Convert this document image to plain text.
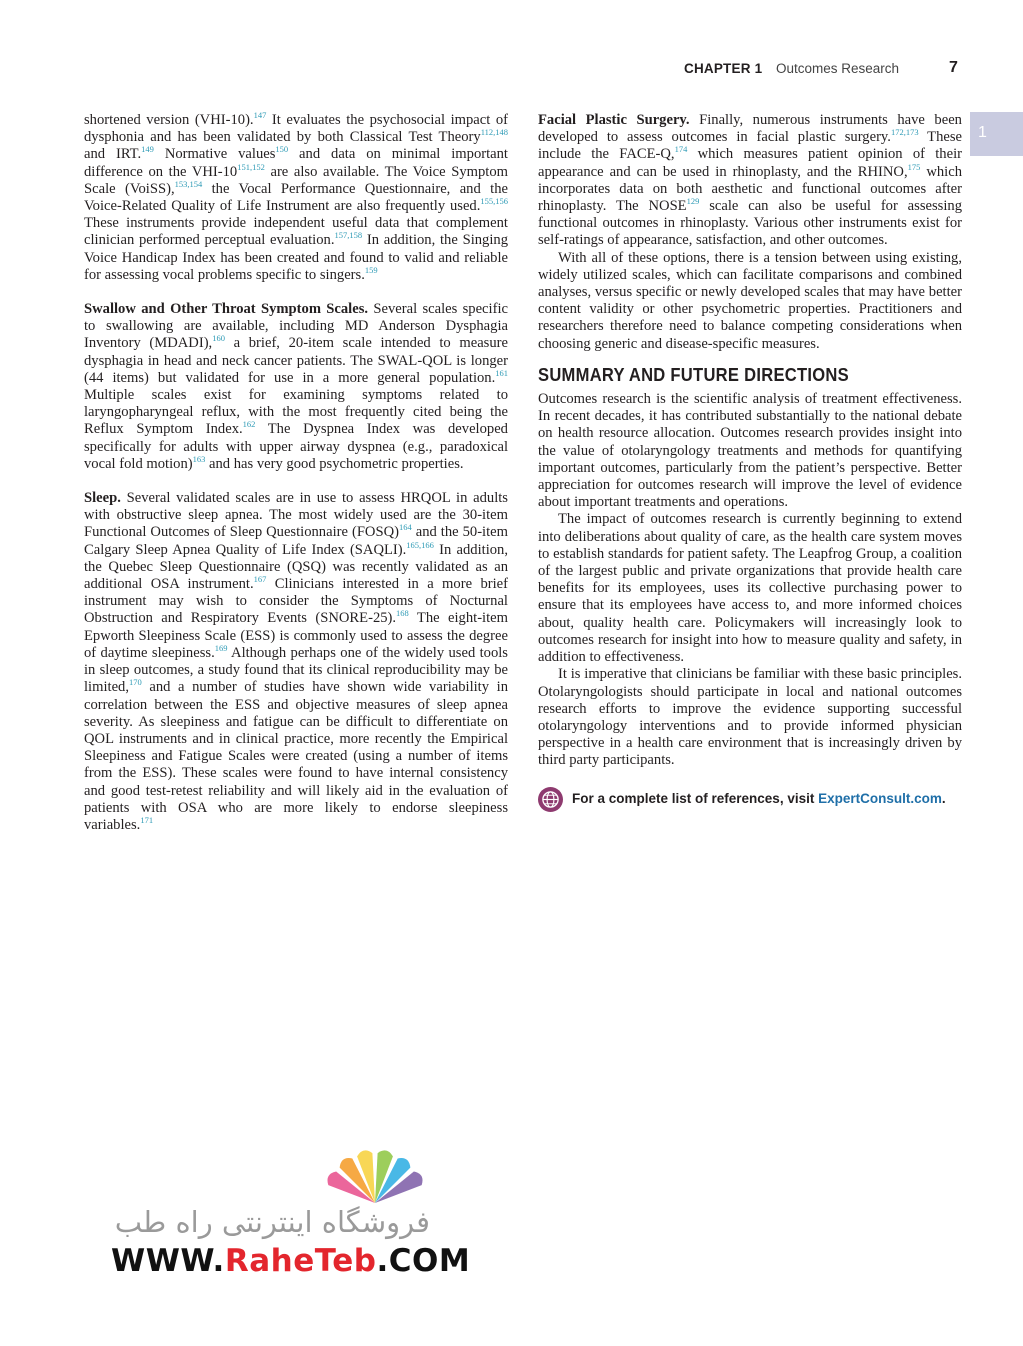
CHAPTER 1 Outcomes Research	7
1

shortened version (VHI-10).$^{147}$ It evaluates the psychosocial impact of dysphonia and has been validated by both Classical Test Theory$^{112,148}$ and IRT.$^{149}$ Normative values$^{150}$ and data on minimal important difference on the VHI-10$^{151,152}$ are also available. The Voice Symptom Scale (VoiSS),$^{153,154}$ the Vocal Performance Questionnaire, and the Voice-Related Quality of Life Instrument are also frequently used.$^{155,156}$ These instruments provide independent useful data that complement clinician performed perceptual evaluation.$^{157,158}$ In addition, the Singing Voice Handicap Index has been created and found to valid and reliable for assessing vocal problems specific to singers.$^{159}$

Swallow and Other Throat Symptom Scales. Several scales specific to swallowing are available, including MD Anderson Dysphagia Inventory (MDADI),$^{160}$ a brief, 20-item scale intended to measure dysphagia in head and neck cancer patients. The SWAL-QOL is longer (44 items) but validated for use in a more general population.$^{161}$ Multiple scales exist for examining symptoms related to laryngopharyngeal reflux, with the most frequently cited being the Reflux Symptom Index.$^{162}$ The Dyspnea Index was developed specifically for adults with upper airway dyspnea (e.g., paradoxical vocal fold motion)$^{163}$ and has very good psychometric properties.

Sleep. Several validated scales are in use to assess HRQOL in adults with obstructive sleep apnea. The most widely used are the 30-item Functional Outcomes of Sleep Questionnaire (FOSQ)$^{164}$ and the 50-item Calgary Sleep Apnea Quality of Life Index (SAQLI).$^{165,166}$ In addition, the Quebec Sleep Questionnaire (QSQ) was recently validated as an additional OSA instrument.$^{167}$ Clinicians interested in a more brief instrument may wish to consider the Symptoms of Nocturnal Obstruction and Respiratory Events (SNORE-25).$^{168}$ The eight-item Epworth Sleepiness Scale (ESS) is commonly used to assess the degree of daytime sleepiness.$^{169}$ Although perhaps one of the widely used tools in sleep outcomes, a study found that its clinical reproducibility may be limited,$^{170}$ and a number of studies have shown wide variability in correlation between the ESS and objective measures of sleep apnea severity. As sleepiness and fatigue can be difficult to differentiate on QOL instruments and in clinical practice, more recently the Empirical Sleepiness and Fatigue Scales were created (using a number of items from the ESS). These scales were found to have internal consistency and good test-retest reliability and will likely aid in the evaluation of patients with OSA who are more likely to endorse sleepiness variables.$^{171}$

Facial Plastic Surgery. Finally, numerous instruments have been developed to assess outcomes in facial plastic surgery.$^{172,173}$ These include the FACE-Q,$^{174}$ which measures patient opinion of their appearance and can be used in rhinoplasty, and the RHINO,$^{175}$ which incorporates data on both aesthetic and functional outcomes after rhinoplasty. The NOSE$^{129}$ scale can also be useful for assessing functional outcomes in rhinoplasty. Various other instruments exist for self-ratings of appearance, satisfaction, and other outcomes.

With all of these options, there is a tension between using existing, widely utilized scales, which can facilitate comparisons and combined analyses, versus specific or newly developed scales that may have better content validity or other psychometric properties. Practitioners and researchers therefore need to balance competing considerations when choosing generic and disease-specific measures.

SUMMARY AND FUTURE DIRECTIONS

Outcomes research is the scientific analysis of treatment effectiveness. In recent decades, it has contributed substantially to the national debate on health resource allocation. Outcomes research provides insight into the value of otolaryngology treatments and methods for quantifying important outcomes, particularly from the patient’s perspective. Better appreciation for outcomes research will improve the level of evidence about important treatments and operations.

The impact of outcomes research is currently beginning to extend into deliberations about quality of care, as the health care system moves to establish standards for patient safety. The Leapfrog Group, a coalition of the largest public and private organizations that provide health care benefits for its employees, uses its collective purchasing power to ensure that its employees have access to, and more informed choices about, quality health care. Policymakers will increasingly look to outcomes research for insight into how to measure quality and safety, in addition to effectiveness.

It is imperative that clinicians be familiar with these basic principles. Otolaryngologists should participate in local and national outcomes research efforts to improve the evidence supporting successful otolaryngology interventions and to provide informed physician perspective in a health care environment that is increasingly driven by third party participants.

For a complete list of references, visit ExpertConsult.com.
فروشگاه اینترنتی راه طب
WWW.RaheTeb.COM
